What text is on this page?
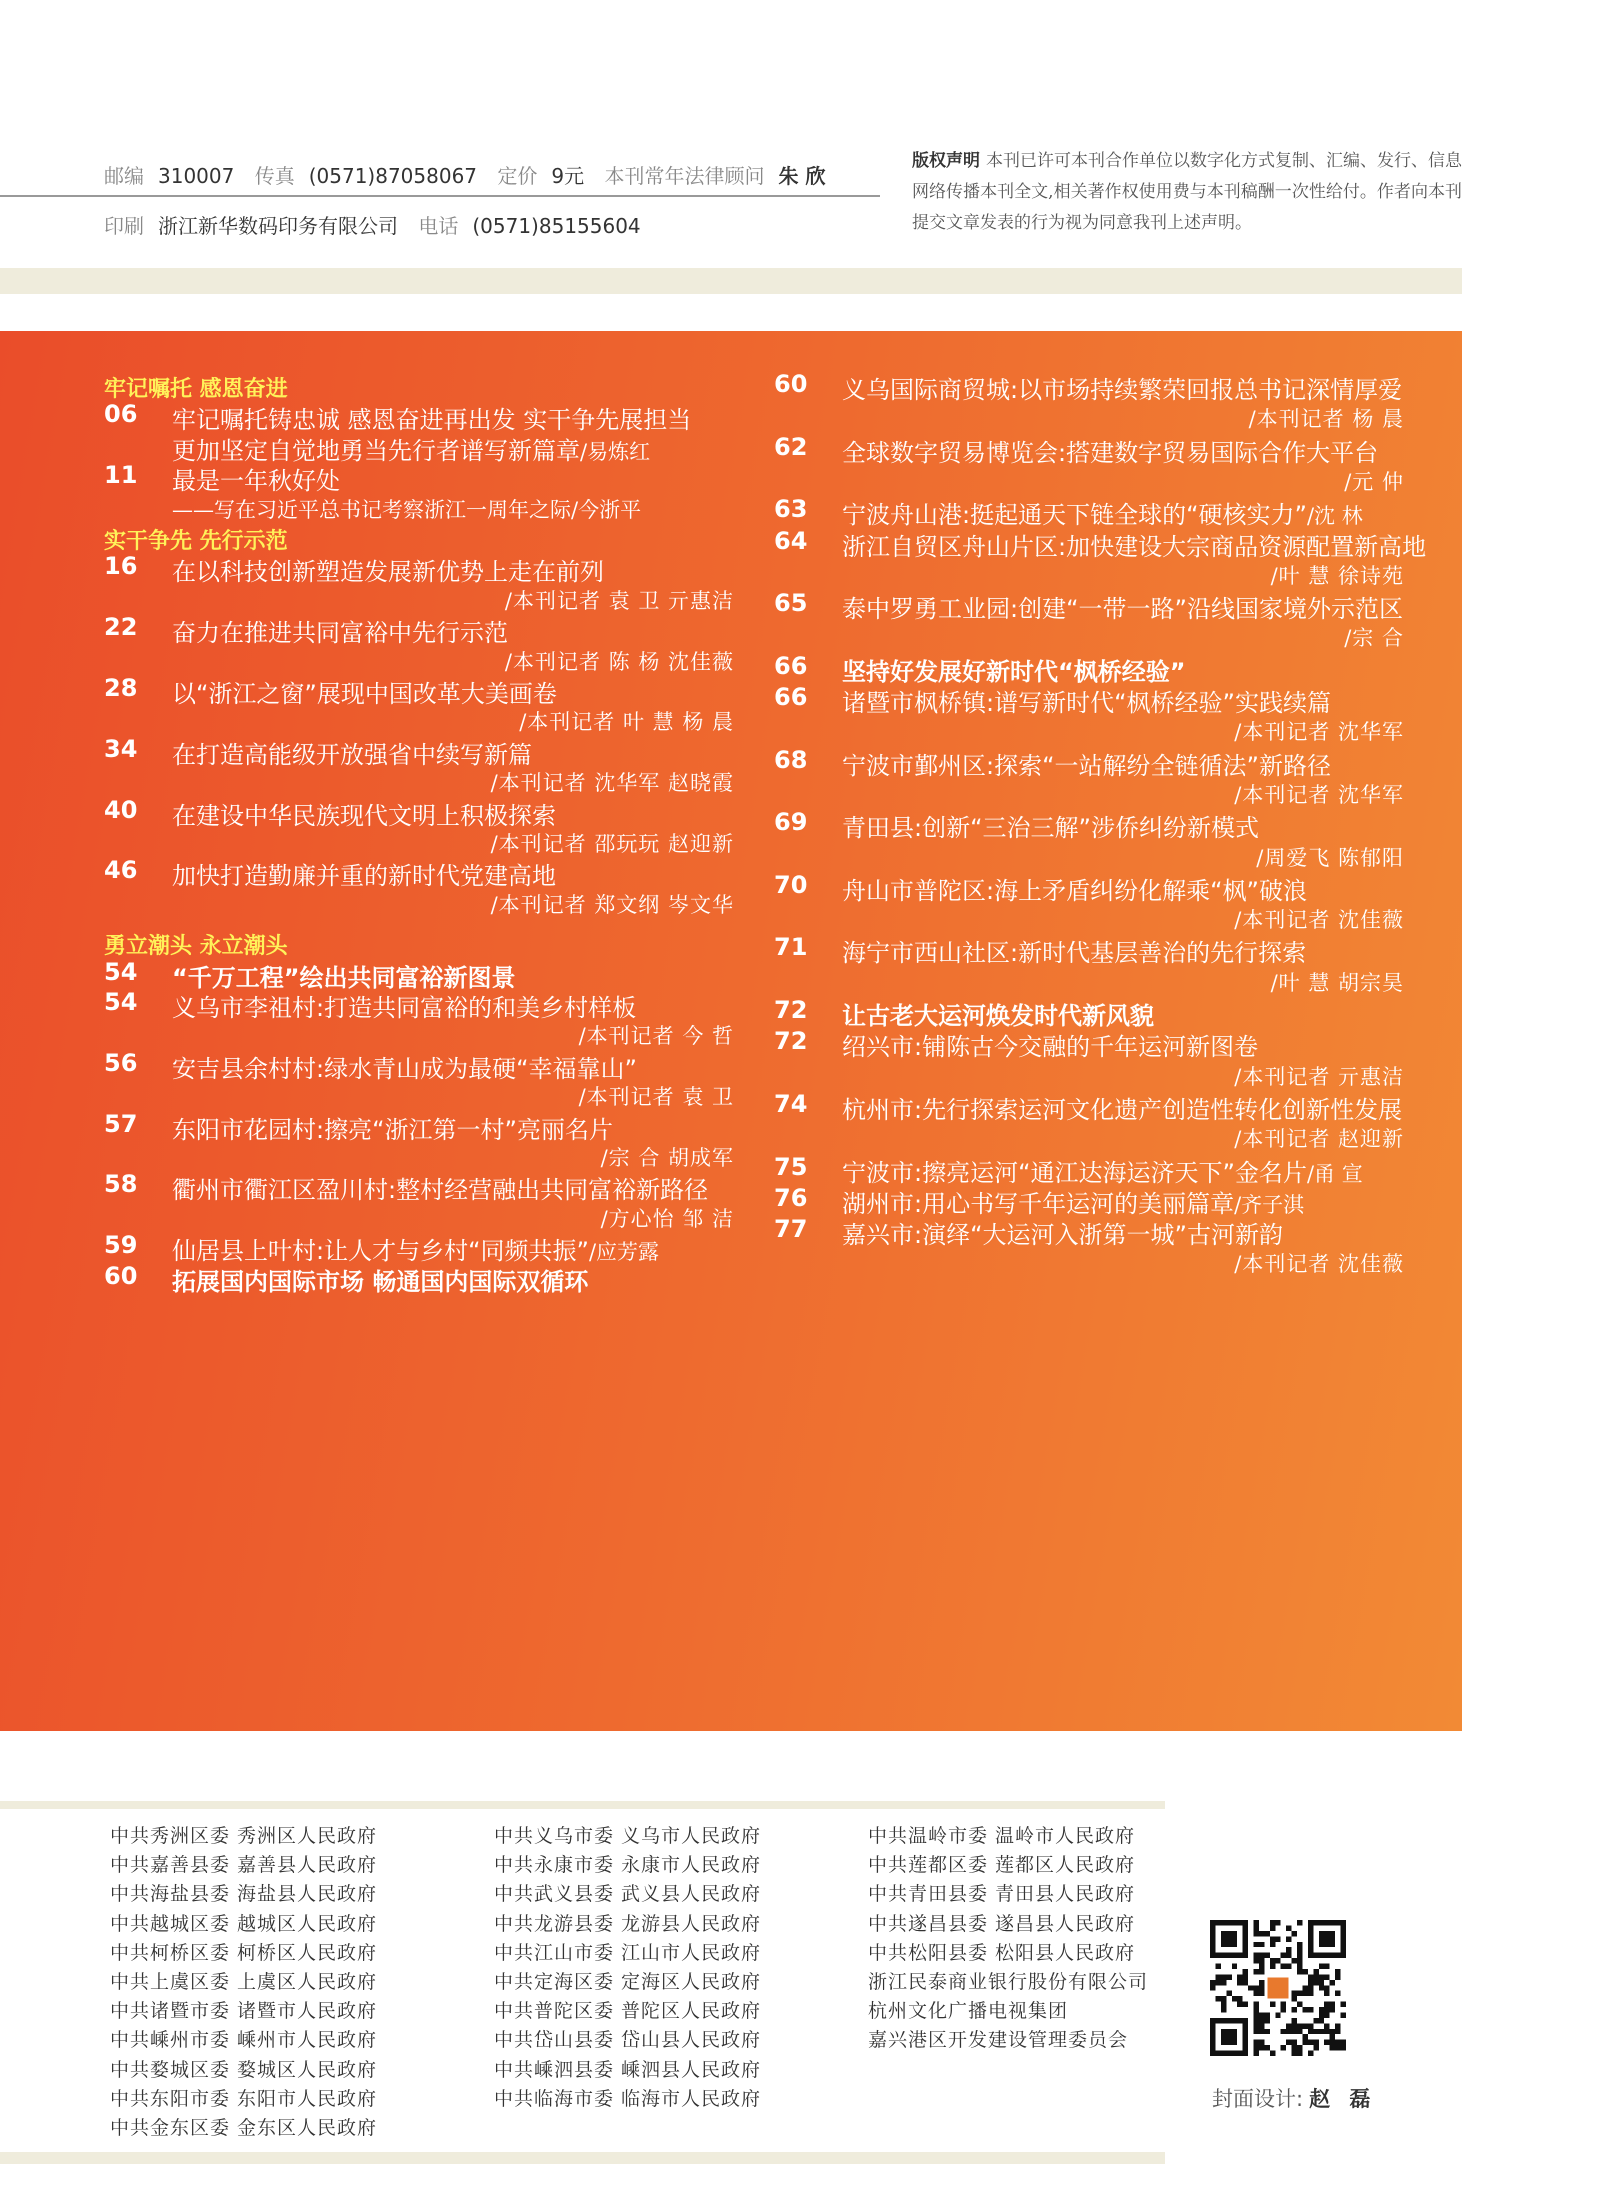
邮编 310007 传真 (0571)87058067 定价 9元 本刊常年法律顾问 朱 欣
印刷 浙江新华数码印务有限公司 电话 (0571)85155604
版权声明 本刊已许可本刊合作单位以数字化方式复制、汇编、发行、信息网络传播本刊全文,相关著作权使用费与本刊稿酬一次性给付。作者向本刊提交文章发表的行为视为同意我刊上述声明。
牢记嘱托 感恩奋进
06 牢记嘱托铸忠诚 感恩奋进再出发 实干争先展担当
更加坚定自觉地勇当先行者谱写新篇章/易炼红
11 最是一年秋好处
——写在习近平总书记考察浙江一周年之际/今浙平
实干争先 先行示范
16 在以科技创新塑造发展新优势上走在前列
/本刊记者 袁 卫 亓惠洁
22 奋力在推进共同富裕中先行示范
/本刊记者 陈 杨 沈佳薇
28 以“浙江之窗”展现中国改革大美画卷
/本刊记者 叶 慧 杨 晨
34 在打造高能级开放强省中续写新篇
/本刊记者 沈华军 赵晓霞
40 在建设中华民族现代文明上积极探索
/本刊记者 邵玩玩 赵迎新
46 加快打造勤廉并重的新时代党建高地
/本刊记者 郑文纲 岑文华
勇立潮头 永立潮头
54 “千万工程”绘出共同富裕新图景
54 义乌市李祖村:打造共同富裕的和美乡村样板
/本刊记者 今 哲
56 安吉县余村村:绿水青山成为最硬“幸福靠山”
/本刊记者 袁 卫
57 东阳市花园村:擦亮“浙江第一村”亮丽名片
/宗 合 胡成军
58 衢州市衢江区盈川村:整村经营融出共同富裕新路径
/方心怡 邹 洁
59 仙居县上叶村:让人才与乡村“同频共振”/应芳露
60 拓展国内国际市场 畅通国内国际双循环
60 义乌国际商贸城:以市场持续繁荣回报总书记深情厚爱
/本刊记者 杨 晨
62 全球数字贸易博览会:搭建数字贸易国际合作大平台
/元 仲
63 宁波舟山港:挺起通天下链全球的“硬核实力”/沈 林
64 浙江自贸区舟山片区:加快建设大宗商品资源配置新高地
/叶 慧 徐诗苑
65 泰中罗勇工业园:创建“一带一路”沿线国家境外示范区
/宗 合
66 坚持好发展好新时代“枫桥经验”
66 诸暨市枫桥镇:谱写新时代“枫桥经验”实践续篇
/本刊记者 沈华军
68 宁波市鄞州区:探索“一站解纷全链循法”新路径
/本刊记者 沈华军
69 青田县:创新“三治三解”涉侨纠纷新模式
/周爱飞 陈郁阳
70 舟山市普陀区:海上矛盾纠纷化解乘“枫”破浪
/本刊记者 沈佳薇
71 海宁市西山社区:新时代基层善治的先行探索
/叶 慧 胡宗昊
72 让古老大运河焕发时代新风貌
72 绍兴市:铺陈古今交融的千年运河新图卷
/本刊记者 亓惠洁
74 杭州市:先行探索运河文化遗产创造性转化创新性发展
/本刊记者 赵迎新
75 宁波市:擦亮运河“通江达海运济天下”金名片/甬 宣
76 湖州市:用心书写千年运河的美丽篇章/齐子淇
77 嘉兴市:演绎“大运河入浙第一城”古河新韵
/本刊记者 沈佳薇
中共秀洲区委 秀洲区人民政府
中共嘉善县委 嘉善县人民政府
中共海盐县委 海盐县人民政府
中共越城区委 越城区人民政府
中共柯桥区委 柯桥区人民政府
中共上虞区委 上虞区人民政府
中共诸暨市委 诸暨市人民政府
中共嵊州市委 嵊州市人民政府
中共婺城区委 婺城区人民政府
中共东阳市委 东阳市人民政府
中共金东区委 金东区人民政府
中共义乌市委 义乌市人民政府
中共永康市委 永康市人民政府
中共武义县委 武义县人民政府
中共龙游县委 龙游县人民政府
中共江山市委 江山市人民政府
中共定海区委 定海区人民政府
中共普陀区委 普陀区人民政府
中共岱山县委 岱山县人民政府
中共嵊泗县委 嵊泗县人民政府
中共临海市委 临海市人民政府
中共温岭市委 温岭市人民政府
中共莲都区委 莲都区人民政府
中共青田县委 青田县人民政府
中共遂昌县委 遂昌县人民政府
中共松阳县委 松阳县人民政府
浙江民泰商业银行股份有限公司
杭州文化广播电视集团
嘉兴港区开发建设管理委员会
封面设计: 赵 磊
